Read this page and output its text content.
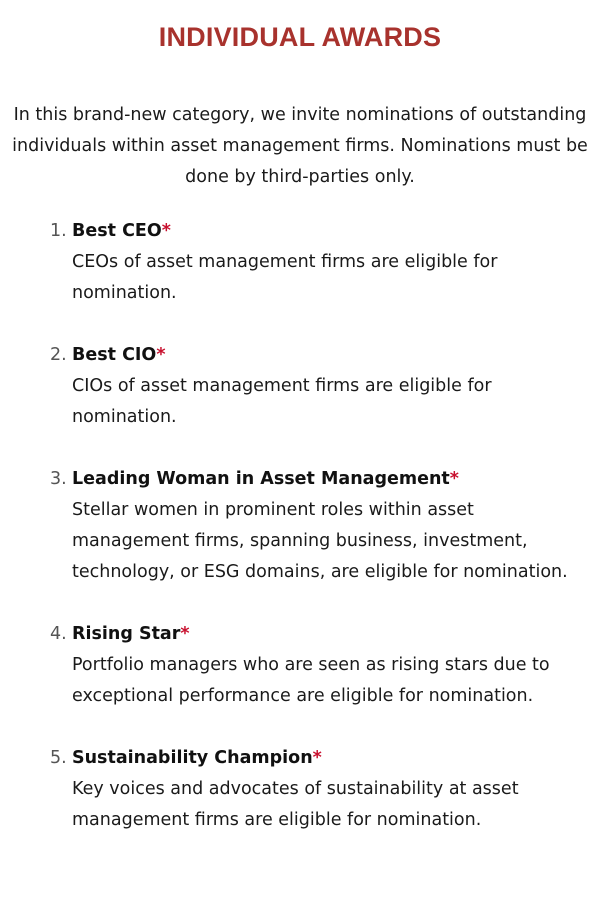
INDIVIDUAL AWARDS

In this brand-new category, we invite nominations of outstanding individuals within asset management firms. Nominations must be done by third-parties only.

1. Best CEO*
CEOs of asset management firms are eligible for nomination.
2. Best CIO*
CIOs of asset management firms are eligible for nomination.
3. Leading Woman in Asset Management*
Stellar women in prominent roles within asset management firms, spanning business, investment, technology, or ESG domains, are eligible for nomination.
4. Rising Star*
Portfolio managers who are seen as rising stars due to exceptional performance are eligible for nomination.
5. Sustainability Champion*
Key voices and advocates of sustainability at asset management firms are eligible for nomination.
